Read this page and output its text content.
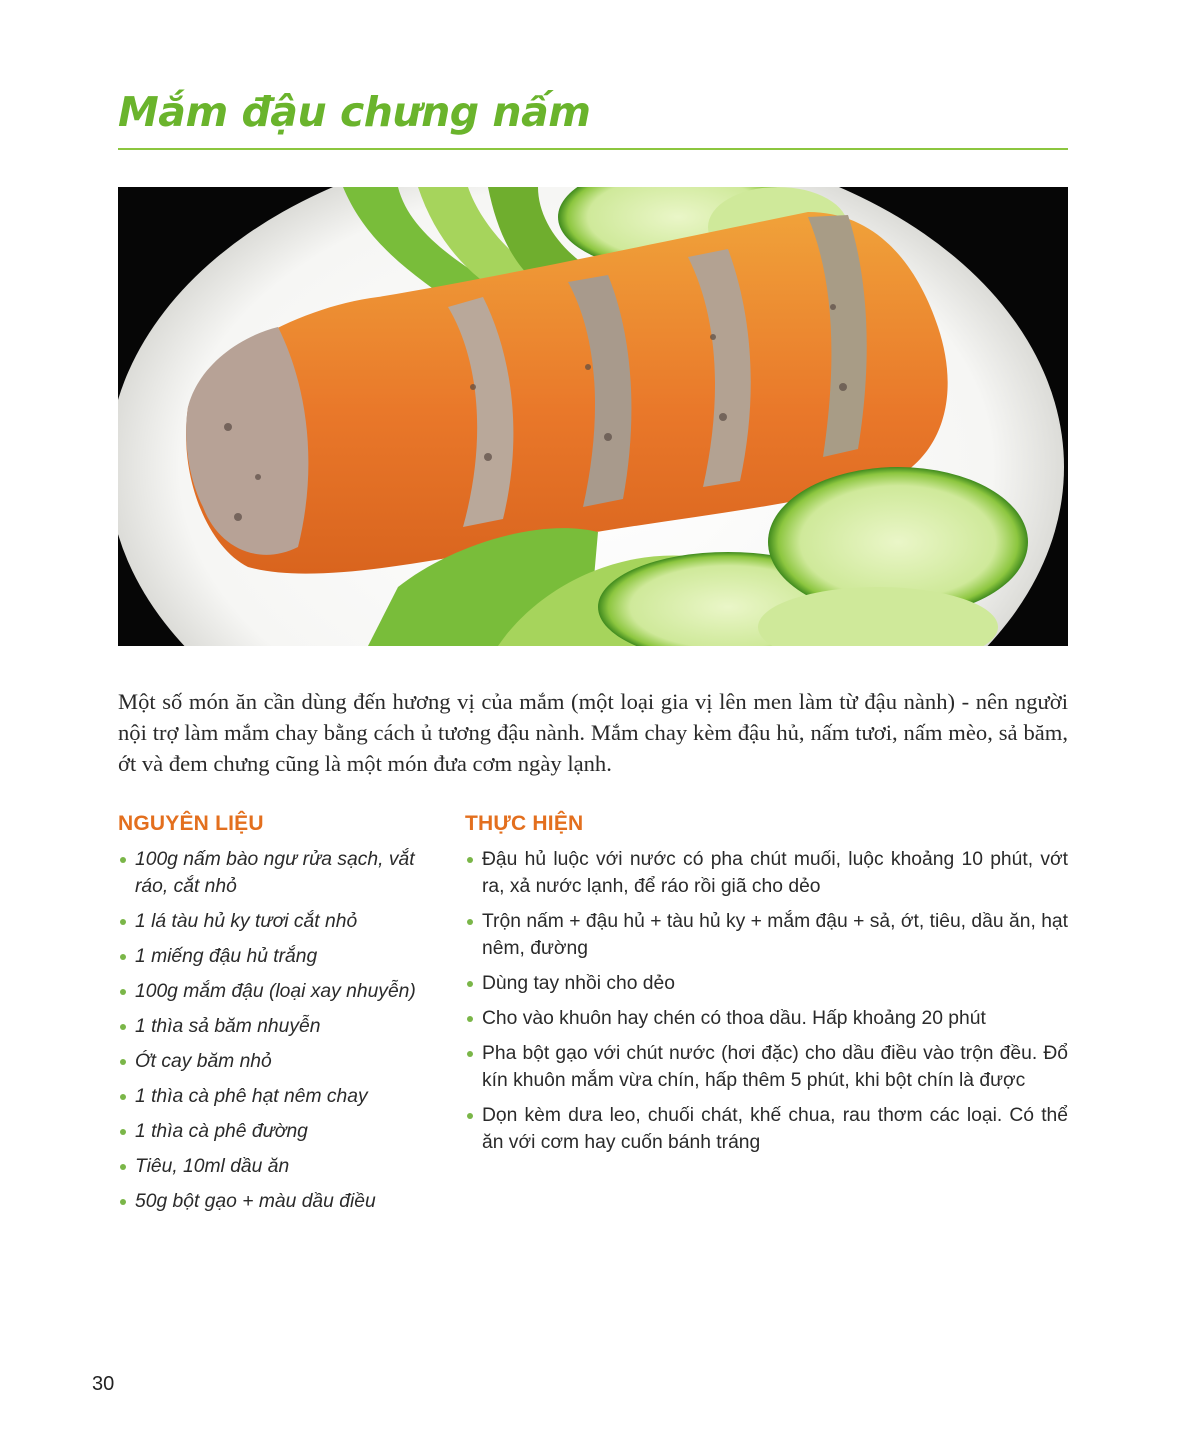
Mắm đậu chưng nấm

Một số món ăn cần dùng đến hương vị của mắm (một loại gia vị lên men làm từ đậu nành) - nên người nội trợ làm mắm chay bằng cách ủ tương đậu nành. Mắm chay kèm đậu hủ, nấm tươi, nấm mèo, sả băm, ớt và đem chưng cũng là một món đưa cơm ngày lạnh.

NGUYÊN LIỆU
100g nấm bào ngư rửa sạch, vắt ráo, cắt nhỏ
1 lá tàu hủ ky tươi cắt nhỏ
1 miếng đậu hủ trắng
100g mắm đậu (loại xay nhuyễn)
1 thìa sả băm nhuyễn
Ớt cay băm nhỏ
1 thìa cà phê hạt nêm chay
1 thìa cà phê đường
Tiêu, 10ml dầu ăn
50g bột gạo + màu dầu điều
THỰC HIỆN
Đậu hủ luộc với nước có pha chút muối, luộc khoảng 10 phút, vớt ra, xả nước lạnh, để ráo rồi giã cho dẻo
Trộn nấm + đậu hủ + tàu hủ ky + mắm đậu + sả, ớt, tiêu, dầu ăn, hạt nêm, đường
Dùng tay nhồi cho dẻo
Cho vào khuôn hay chén có thoa dầu. Hấp khoảng 20 phút
Pha bột gạo với chút nước (hơi đặc) cho dầu điều vào trộn đều. Đổ kín khuôn mắm vừa chín, hấp thêm 5 phút, khi bột chín là được
Dọn kèm dưa leo, chuối chát, khế chua, rau thơm các loại. Có thể ăn với cơm hay cuốn bánh tráng
30
